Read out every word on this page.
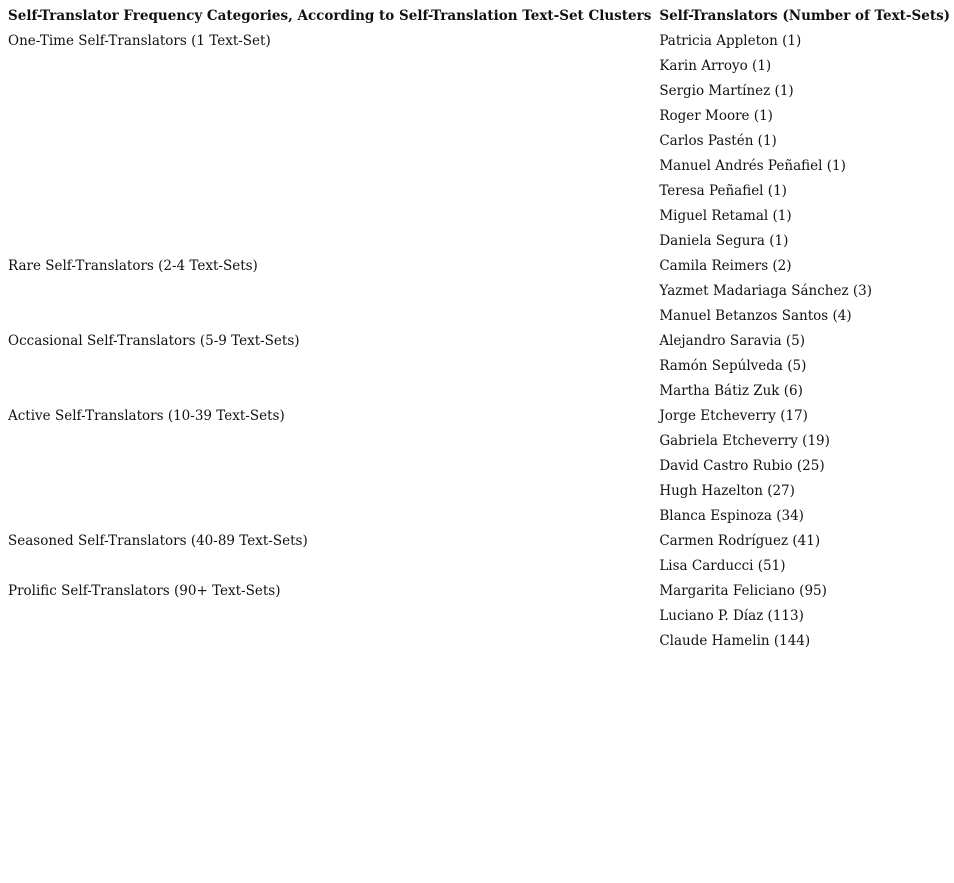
Self-Translator Frequency Categories, According to Self-Translation Text-Set Clusters	Self-Translators (Number of Text-Sets)
One-Time Self-Translators (1 Text-Set)	Patricia Appleton (1)
	Karin Arroyo (1)
	Sergio Martínez (1)
	Roger Moore (1)
	Carlos Pastén (1)
	Manuel Andrés Peñafiel (1)
	Teresa Peñafiel (1)
	Miguel Retamal (1)
	Daniela Segura (1)
Rare Self-Translators (2-4 Text-Sets)	Camila Reimers (2)
	Yazmet Madariaga Sánchez (3)
	Manuel Betanzos Santos (4)
Occasional Self-Translators (5-9 Text-Sets)	Alejandro Saravia (5)
	Ramón Sepúlveda (5)
	Martha Bátiz Zuk (6)
Active Self-Translators (10-39 Text-Sets)	Jorge Etcheverry (17)
	Gabriela Etcheverry (19)
	David Castro Rubio (25)
	Hugh Hazelton (27)
	Blanca Espinoza (34)
Seasoned Self-Translators (40-89 Text-Sets)	Carmen Rodríguez (41)
	Lisa Carducci (51)
Prolific Self-Translators (90+ Text-Sets)	Margarita Feliciano (95)
	Luciano P. Díaz (113)
	Claude Hamelin (144)
